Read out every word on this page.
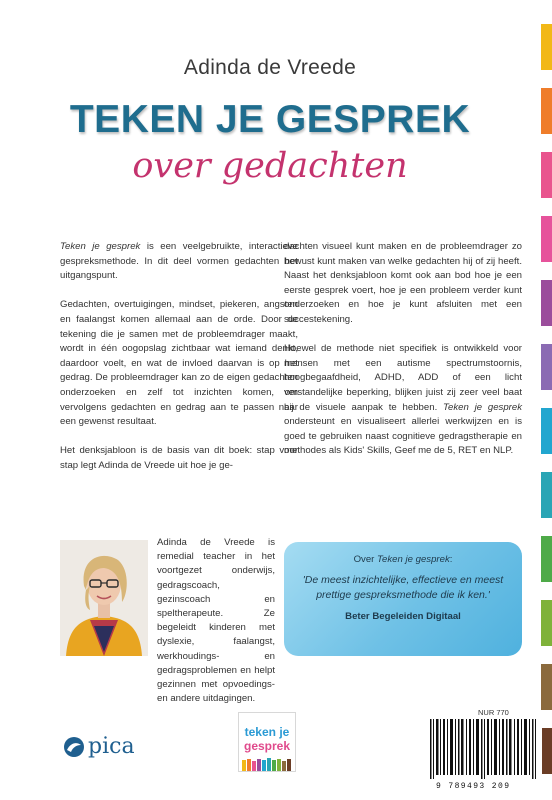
Adinda de Vreede
TEKEN JE GESPREK
over gedachten

Teken je gesprek is een veelgebruikte, interactieve gespreksmethode. In dit deel vormen gedachten het uitgangspunt.

Gedachten, overtuigingen, mindset, piekeren, angsten en faalangst komen allemaal aan de orde. Door de tekening die je samen met de probleemdrager maakt, wordt in één oogopslag zichtbaar wat iemand denkt, daardoor voelt, en wat de invloed daarvan is op het gedrag. De probleemdrager kan zo de eigen gedachten onderzoeken en zelf tot inzichten komen, om vervolgens gedachten en gedrag aan te passen naar een gewenst resultaat.

Het denksjabloon is de basis van dit boek: stap voor stap legt Adinda de Vreede uit hoe je ge-

dachten visueel kunt maken en de probleemdrager zo bewust kunt maken van welke gedachten hij of zij heeft. Naast het denksjabloon komt ook aan bod hoe je een eerste gesprek voert, hoe je een probleem verder kunt onderzoeken en hoe je kunt afsluiten met een succestekening.

Hoewel de methode niet specifiek is ontwikkeld voor mensen met een autisme spectrumstoornis, hoogbegaafdheid, ADHD, ADD of een licht verstandelijke beperking, blijken juist zij zeer veel baat bij de visuele aanpak te hebben. Teken je gesprek ondersteunt en visualiseert allerlei werkwijzen en is goed te gebruiken naast cognitieve gedragstherapie en methodes als Kids' Skills, Geef me de 5, RET en NLP.

Adinda de Vreede is remedial teacher in het voortgezet onderwijs, gedragscoach, gezinscoach en speltherapeute. Ze begeleidt kinderen met dyslexie, faalangst, werkhoudings- en gedragsproblemen en helpt gezinnen met opvoedings- en andere uitdagingen.
Over Teken je gesprek:
'De meest inzichtelijke, effectieve en meest prettige gespreksmethode die ik ken.'
Beter Begeleiden Digitaal
pica
teken je
gesprek
NUR 770
9 789493 209
